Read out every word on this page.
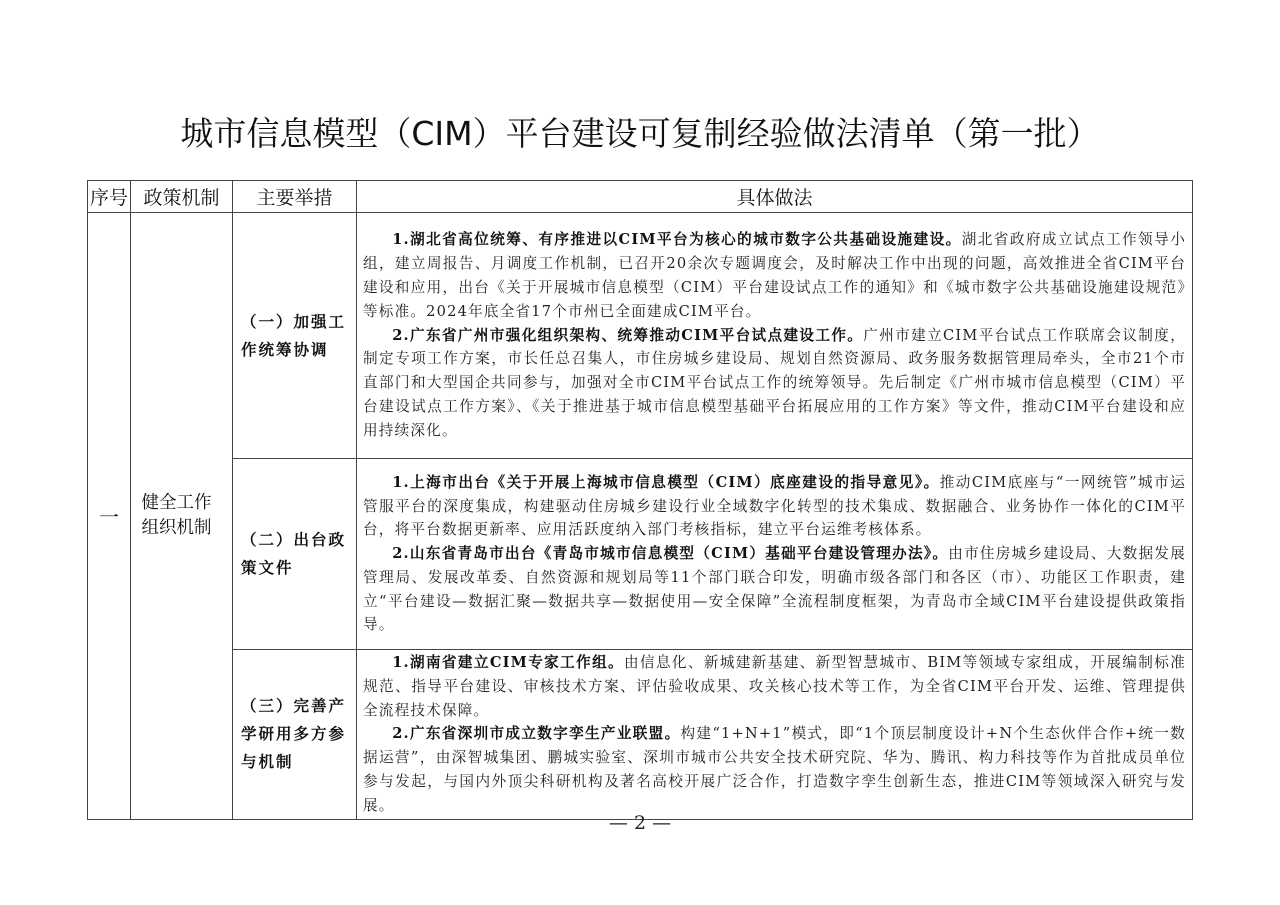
城市信息模型（CIM）平台建设可复制经验做法清单（第一批）
序号	政策机制	主要举措	具体做法
一	健全工作组织机制	（一）加强工作统筹协调	1.湖北省高位统筹、有序推进以CIM平台为核心的城市数字公共基础设施建设。湖北省政府成立试点工作领导小组，建立周报告、月调度工作机制，已召开20余次专题调度会，及时解决工作中出现的问题，高效推进全省CIM平台建设和应用，出台《关于开展城市信息模型（CIM）平台建设试点工作的通知》和《城市数字公共基础设施建设规范》等标准。2024年底全省17个市州已全面建成CIM平台。

2.广东省广州市强化组织架构、统筹推动CIM平台试点建设工作。广州市建立CIM平台试点工作联席会议制度，制定专项工作方案，市长任总召集人，市住房城乡建设局、规划自然资源局、政务服务数据管理局牵头，全市21个市直部门和大型国企共同参与，加强对全市CIM平台试点工作的统筹领导。先后制定《广州市城市信息模型（CIM）平台建设试点工作方案》、《关于推进基于城市信息模型基础平台拓展应用的工作方案》等文件，推动CIM平台建设和应用持续深化。

		（二）出台政策文件	1.上海市出台《关于开展上海城市信息模型（CIM）底座建设的指导意见》。推动CIM底座与“一网统管”城市运管服平台的深度集成，构建驱动住房城乡建设行业全域数字化转型的技术集成、数据融合、业务协作一体化的CIM平台，将平台数据更新率、应用活跃度纳入部门考核指标，建立平台运维考核体系。

2.山东省青岛市出台《青岛市城市信息模型（CIM）基础平台建设管理办法》。由市住房城乡建设局、大数据发展管理局、发展改革委、自然资源和规划局等11个部门联合印发，明确市级各部门和各区（市）、功能区工作职责，建立“平台建设—数据汇聚—数据共享—数据使用—安全保障”全流程制度框架，为青岛市全域CIM平台建设提供政策指导。

		（三）完善产学研用多方参与机制	1.湖南省建立CIM专家工作组。由信息化、新城建新基建、新型智慧城市、BIM等领域专家组成，开展编制标准规范、指导平台建设、审核技术方案、评估验收成果、攻关核心技术等工作，为全省CIM平台开发、运维、管理提供全流程技术保障。

2.广东省深圳市成立数字孪生产业联盟。构建“1+N+1”模式，即“1个顶层制度设计+N个生态伙伴合作+统一数据运营”，由深智城集团、鹏城实验室、深圳市城市公共安全技术研究院、华为、腾讯、构力科技等作为首批成员单位参与发起，与国内外顶尖科研机构及著名高校开展广泛合作，打造数字孪生创新生态，推进CIM等领域深入研究与发展。

— 2 —
